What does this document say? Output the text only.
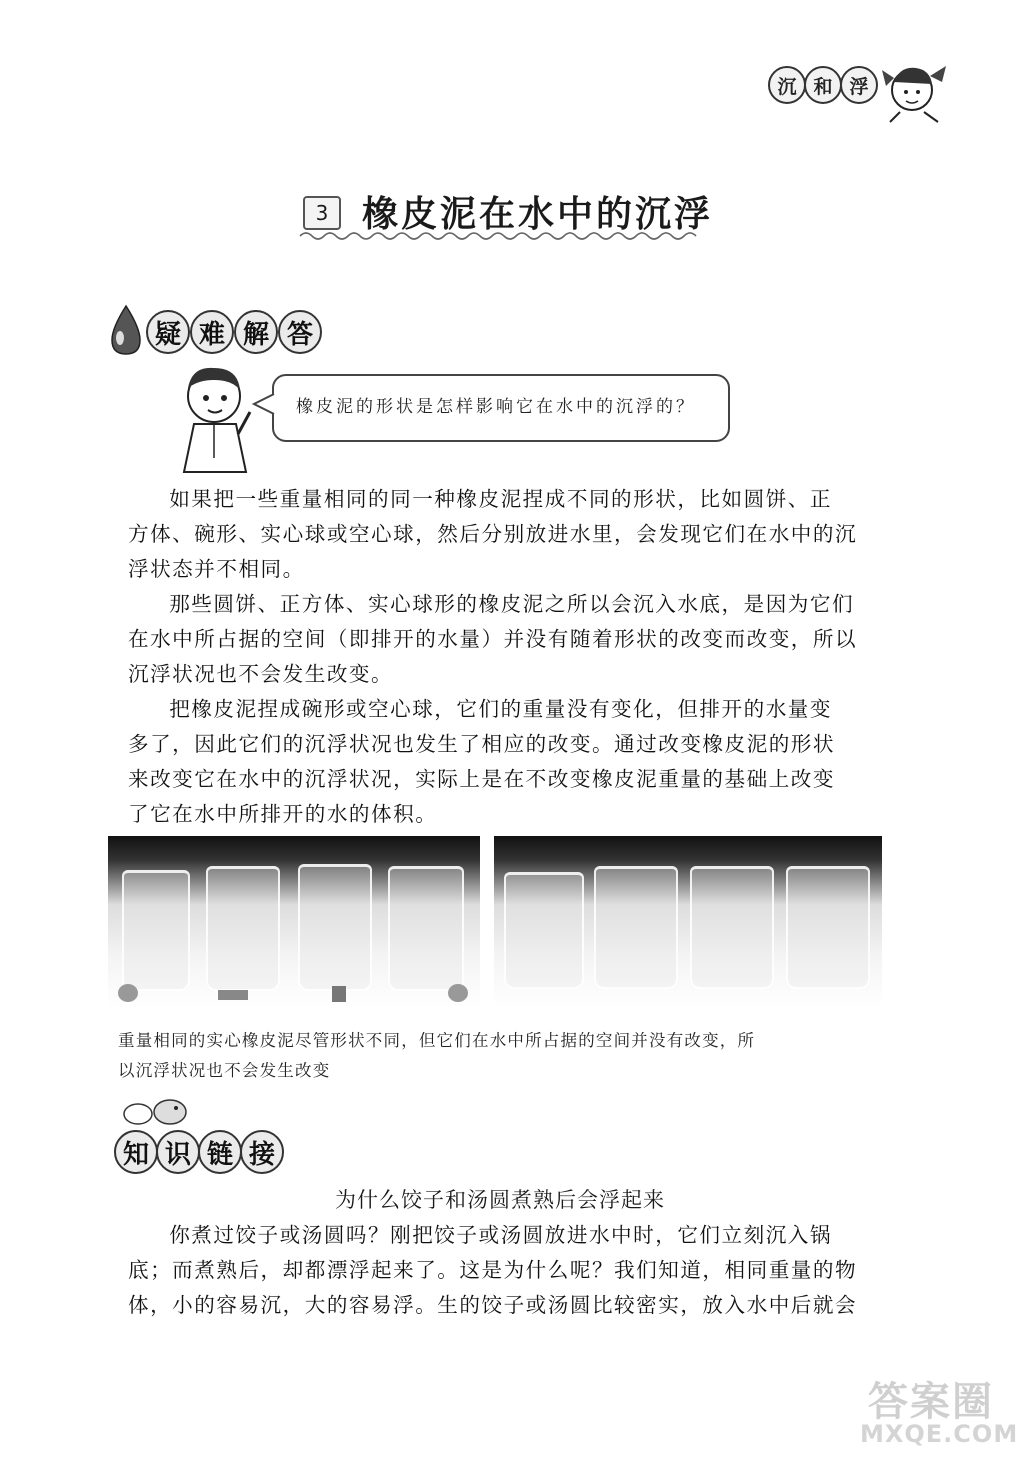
沉 和 浮
3 橡皮泥在水中的沉浮
疑 难 解 答
橡皮泥的形状是怎样影响它在水中的沉浮的？
如果把一些重量相同的同一种橡皮泥捏成不同的形状，比如圆饼、正
方体、碗形、实心球或空心球，然后分别放进水里，会发现它们在水中的沉
浮状态并不相同。
那些圆饼、正方体、实心球形的橡皮泥之所以会沉入水底，是因为它们
在水中所占据的空间（即排开的水量）并没有随着形状的改变而改变，所以
沉浮状况也不会发生改变。
把橡皮泥捏成碗形或空心球，它们的重量没有变化，但排开的水量变
多了，因此它们的沉浮状况也发生了相应的改变。通过改变橡皮泥的形状
来改变它在水中的沉浮状况，实际上是在不改变橡皮泥重量的基础上改变
了它在水中所排开的水的体积。
重量相同的实心橡皮泥尽管形状不同，但它们在水中所占据的空间并没有改变，所
以沉浮状况也不会发生改变
知 识 链 接
为什么饺子和汤圆煮熟后会浮起来
你煮过饺子或汤圆吗？刚把饺子或汤圆放进水中时，它们立刻沉入锅
底；而煮熟后，却都漂浮起来了。这是为什么呢？我们知道，相同重量的物
体，小的容易沉，大的容易浮。生的饺子或汤圆比较密实，放入水中后就会
答案圈
MXQE.COM
